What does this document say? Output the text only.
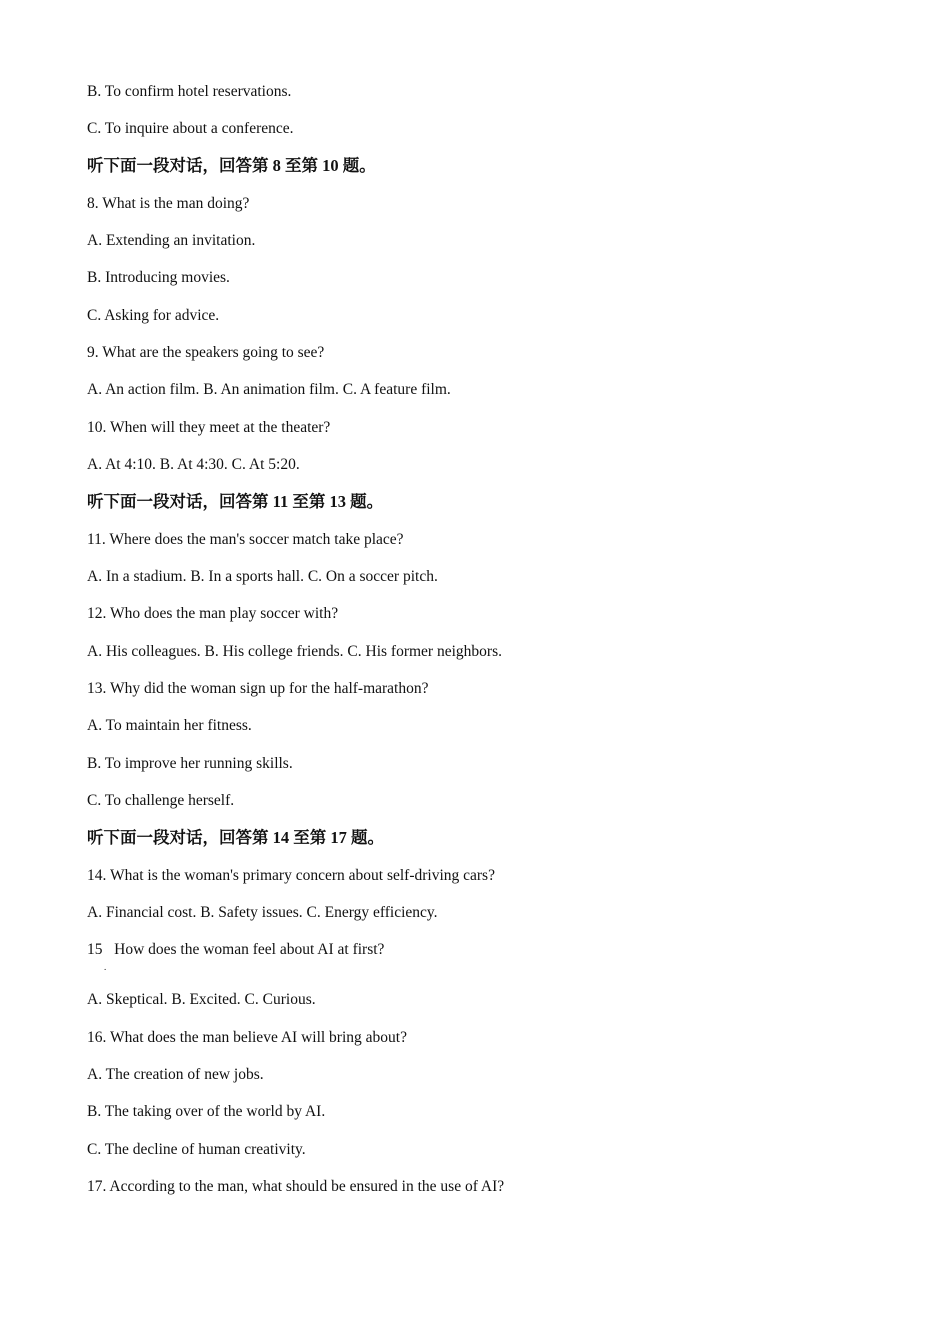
B. To confirm hotel reservations.
C. To inquire about a conference.
听下面一段对话，回答第 8 至第 10 题。
8. What is the man doing?
A. Extending an invitation.
B. Introducing movies.
C. Asking for advice.
9. What are the speakers going to see?
A. An action film. B. An animation film. C. A feature film.
10. When will they meet at the theater?
A. At 4:10. B. At 4:30. C. At 5:20.
听下面一段对话，回答第 11 至第 13 题。
11. Where does the man's soccer match take place?
A. In a stadium. B. In a sports hall. C. On a soccer pitch.
12. Who does the man play soccer with?
A. His colleagues. B. His college friends. C. His former neighbors.
13. Why did the woman sign up for the half-marathon?
A. To maintain her fitness.
B. To improve her running skills.
C. To challenge herself.
听下面一段对话，回答第 14 至第 17 题。
14. What is the woman's primary concern about self-driving cars?
A. Financial cost. B. Safety issues. C. Energy efficiency.
15   How does the woman feel about AI at first?
.
A. Skeptical. B. Excited. C. Curious.
16. What does the man believe AI will bring about?
A. The creation of new jobs.
B. The taking over of the world by AI.
C. The decline of human creativity.
17. According to the man, what should be ensured in the use of AI?
